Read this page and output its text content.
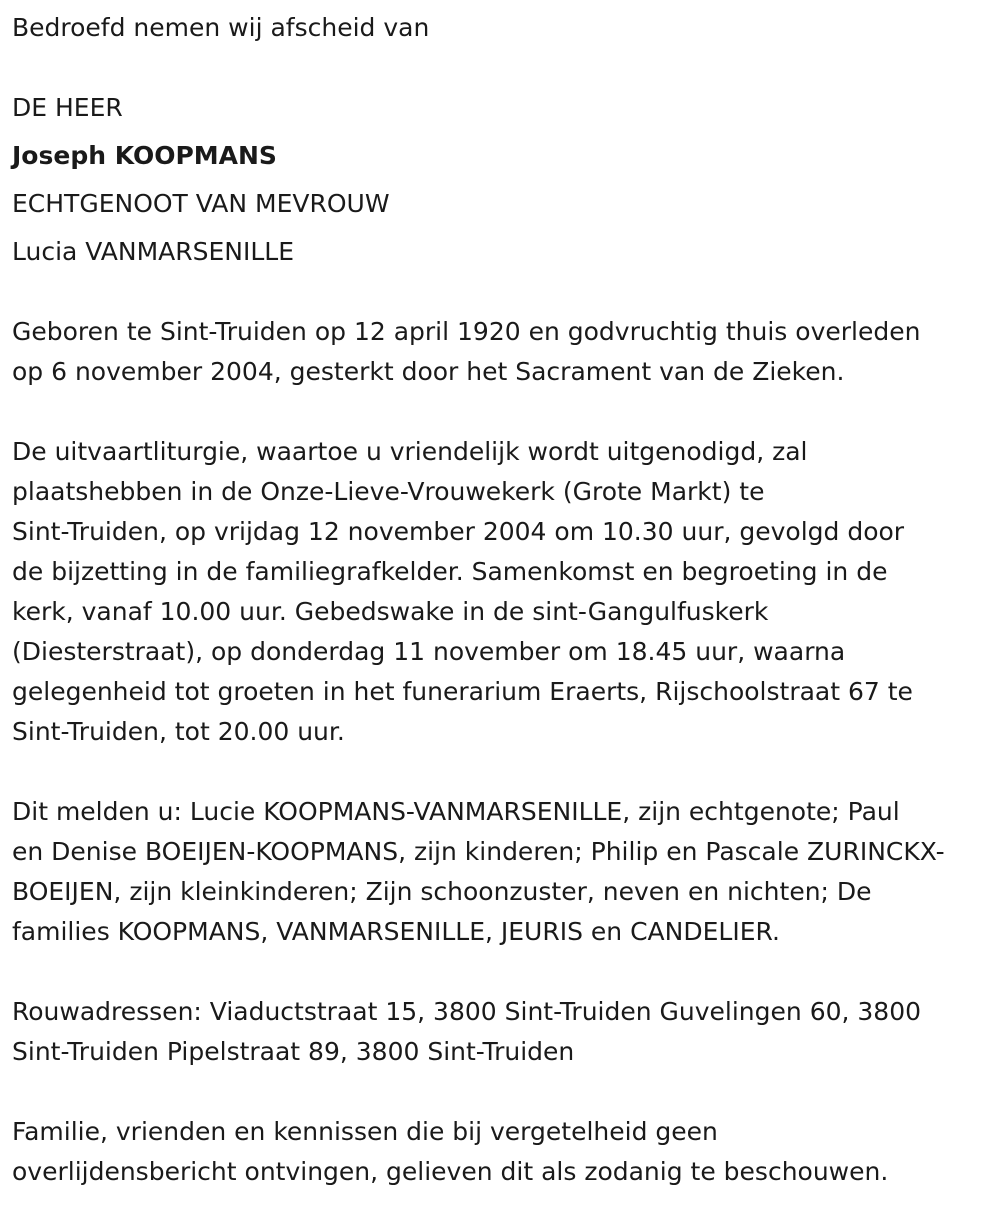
Bedroefd nemen wij afscheid van
DE HEER
Joseph KOOPMANS
ECHTGENOOT VAN MEVROUW
Lucia VANMARSENILLE
Geboren te Sint-Truiden op 12 april 1920 en godvruchtig thuis overleden
op 6 november 2004, gesterkt door het Sacrament van de Zieken.
De uitvaartliturgie, waartoe u vriendelijk wordt uitgenodigd, zal
plaatshebben in de Onze-Lieve-Vrouwekerk (Grote Markt) te
Sint-Truiden, op vrijdag 12 november 2004 om 10.30 uur, gevolgd door
de bijzetting in de familiegrafkelder. Samenkomst en begroeting in de
kerk, vanaf 10.00 uur. Gebedswake in de sint-Gangulfuskerk
(Diesterstraat), op donderdag 11 november om 18.45 uur, waarna
gelegenheid tot groeten in het funerarium Eraerts, Rijschoolstraat 67 te
Sint-Truiden, tot 20.00 uur.
Dit melden u: Lucie KOOPMANS-VANMARSENILLE, zijn echtgenote; Paul
en Denise BOEIJEN-KOOPMANS, zijn kinderen; Philip en Pascale ZURINCKX-
BOEIJEN, zijn kleinkinderen; Zijn schoonzuster, neven en nichten; De
families KOOPMANS, VANMARSENILLE, JEURIS en CANDELIER.
Rouwadressen: Viaductstraat 15, 3800 Sint-Truiden Guvelingen 60, 3800
Sint-Truiden Pipelstraat 89, 3800 Sint-Truiden
Familie, vrienden en kennissen die bij vergetelheid geen
overlijdensbericht ontvingen, gelieven dit als zodanig te beschouwen.
